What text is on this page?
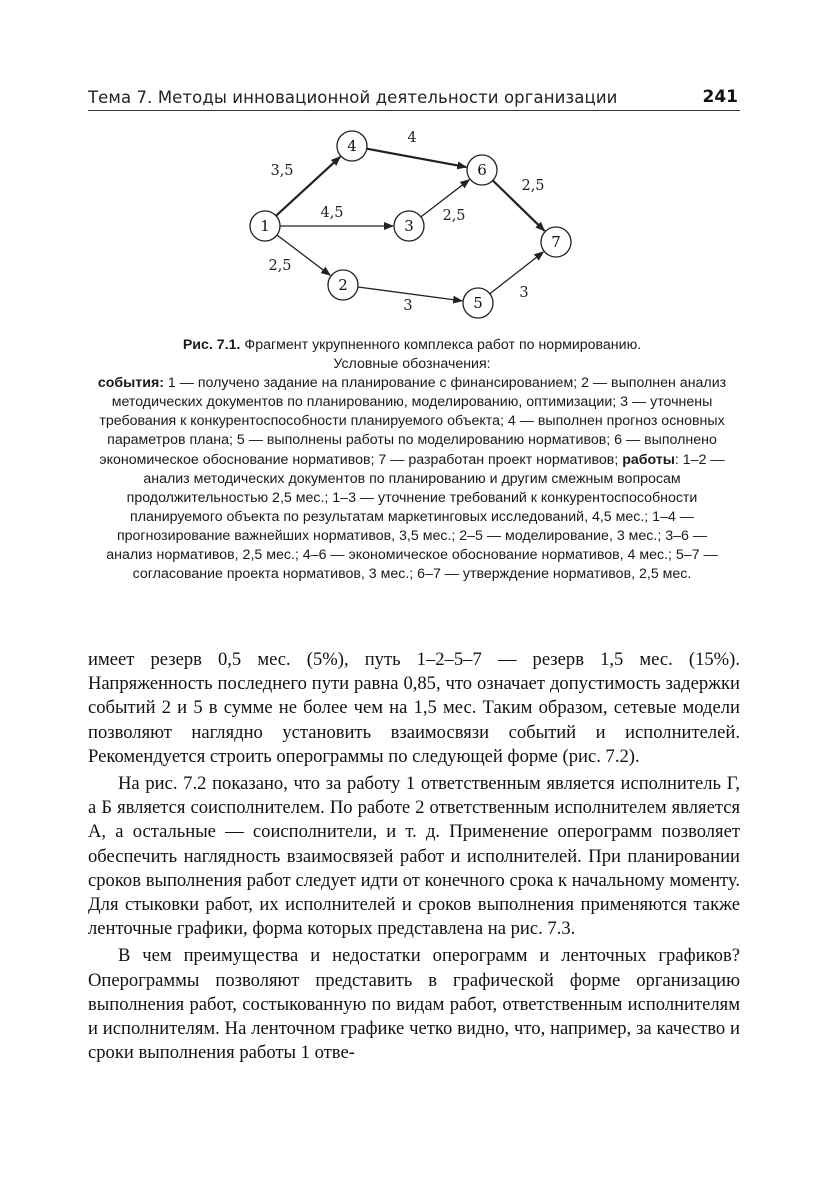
Тема 7. Методы инновационной деятельности организации	241
3,5
4
2,5
4,5	2,5
2,5
3
3
1
2
3
4
5
6
7
Рис. 7.1. Фрагмент укрупненного комплекса работ по нормированию.
Условные обозначения:
события: 1 — получено задание на планирование с финансированием; 2 — выполнен анализ методических документов по планированию, моделированию, оптимизации; 3 — уточнены требования к конкурентоспособности планируемого объекта; 4 — выполнен прогноз основных параметров плана; 5 — выполнены работы по моделированию нормативов; 6 — выполнено экономическое обоснование нормативов; 7 — разработан проект нормативов; работы: 1–2 — анализ методических документов по планированию и другим смежным вопросам продолжительностью 2,5 мес.; 1–3 — уточнение требований к конкурентоспособности планируемого объекта по результатам маркетинговых исследований, 4,5 мес.; 1–4 — прогнозирование важнейших нормативов, 3,5 мес.; 2–5 — моделирование, 3 мес.; 3–6 — анализ нормативов, 2,5 мес.; 4–6 — экономическое обоснование нормативов, 4 мес.; 5–7 — согласование проекта нормативов, 3 мес.; 6–7 — утверждение нормативов, 2,5 мес.

имеет резерв 0,5 мес. (5%), путь 1–2–5–7 — резерв 1,5 мес. (15%). Напряженность последнего пути равна 0,85, что означает допустимость задержки событий 2 и 5 в сумме не более чем на 1,5 мес. Таким образом, сетевые модели позволяют наглядно установить взаимосвязи событий и исполнителей. Рекомендуется строить оперограммы по следующей форме (рис. 7.2).

На рис. 7.2 показано, что за работу 1 ответственным является исполнитель Г, а Б является соисполнителем. По работе 2 ответственным исполнителем является А, а остальные — соисполнители, и т. д. Применение оперограмм позволяет обеспечить наглядность взаимосвязей работ и исполнителей. При планировании сроков выполнения работ следует идти от конечного срока к начальному моменту. Для стыковки работ, их исполнителей и сроков выполнения применяются также ленточные графики, форма которых представлена на рис. 7.3.

В чем преимущества и недостатки оперограмм и ленточных графиков? Оперограммы позволяют представить в графической форме организацию выполнения работ, состыкованную по видам работ, ответственным исполнителям и исполнителям. На ленточном графике четко видно, что, например, за качество и сроки выполнения работы 1 отве-
